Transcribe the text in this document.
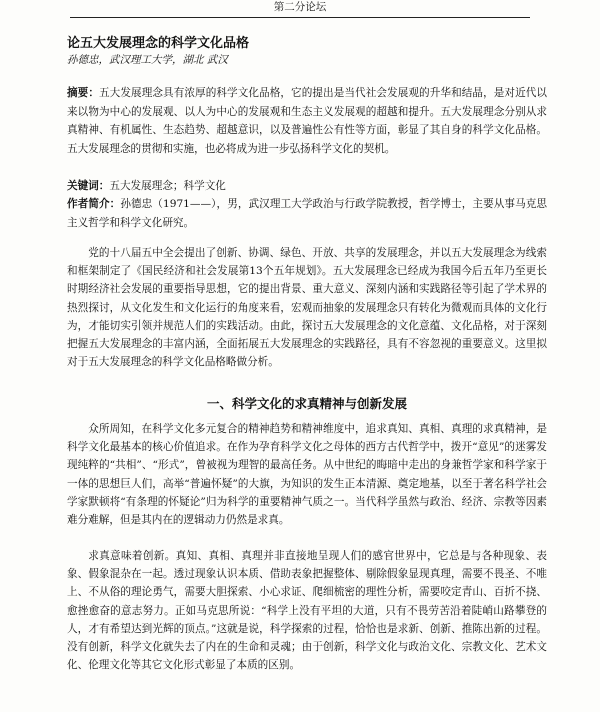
第二分论坛
论五大发展理念的科学文化品格
孙德忠，武汉理工大学，湖北 武汉

摘要：五大发展理念具有浓厚的科学文化品格，它的提出是当代社会发展观的升华和结晶，是对近代以来以物为中心的发展观、以人为中心的发展观和生态主义发展观的超越和提升。五大发展理念分别从求真精神、有机属性、生态趋势、超越意识，以及普遍性公有性等方面，彰显了其自身的科学文化品格。五大发展理念的贯彻和实施，也必将成为进一步弘扬科学文化的契机。

关键词：五大发展理念；科学文化

作者简介：孙德忠（1971——），男，武汉理工大学政治与行政学院教授，哲学博士，主要从事马克思主义哲学和科学文化研究。

党的十八届五中全会提出了创新、协调、绿色、开放、共享的发展理念，并以五大发展理念为线索和框架制定了《国民经济和社会发展第13个五年规划》。五大发展理念已经成为我国今后五年乃至更长时期经济社会发展的重要指导思想，它的提出背景、重大意义、深刻内涵和实践路径等引起了学术界的热烈探讨，从文化发生和文化运行的角度来看，宏观而抽象的发展理念只有转化为微观而具体的文化行为，才能切实引领并规范人们的实践活动。由此，探讨五大发展理念的文化意蕴、文化品格，对于深刻把握五大发展理念的丰富内涵，全面拓展五大发展理念的实践路径，具有不容忽视的重要意义。这里拟对于五大发展理念的科学文化品格略做分析。

一、科学文化的求真精神与创新发展

众所周知，在科学文化多元复合的精神趋势和精神维度中，追求真知、真相、真理的求真精神，是科学文化最基本的核心价值追求。在作为孕育科学文化之母体的西方古代哲学中，拨开“意见”的迷雾发现纯粹的“共相”、“形式”，曾被视为理智的最高任务。从中世纪的晦暗中走出的身兼哲学家和科学家于一体的思想巨人们，高举“普遍怀疑”的大旗，为知识的发生正本清源、奠定地基，以至于著名科学社会学家默顿将“有条理的怀疑论”归为科学的重要精神气质之一。当代科学虽然与政治、经济、宗教等因素难分难解，但是其内在的逻辑动力仍然是求真。

求真意味着创新。真知、真相、真理并非直接地呈现人们的感官世界中，它总是与各种现象、表象、假象混杂在一起。透过现象认识本质、借助表象把握整体、剔除假象显现真理，需要不畏圣、不唯上、不从俗的理论勇气，需要大胆探索、小心求证、爬细梳密的理性分析，需要咬定青山、百折不挠、愈挫愈奋的意志努力。正如马克思所说：“科学上没有平坦的大道，只有不畏劳苦沿着陡峭山路攀登的人，才有希望达到光辉的顶点。”这就是说，科学探索的过程，恰恰也是求新、创新、推陈出新的过程。没有创新，科学文化就失去了内在的生命和灵魂；由于创新，科学文化与政治文化、宗教文化、艺术文化、伦理文化等其它文化形式彰显了本质的区别。
